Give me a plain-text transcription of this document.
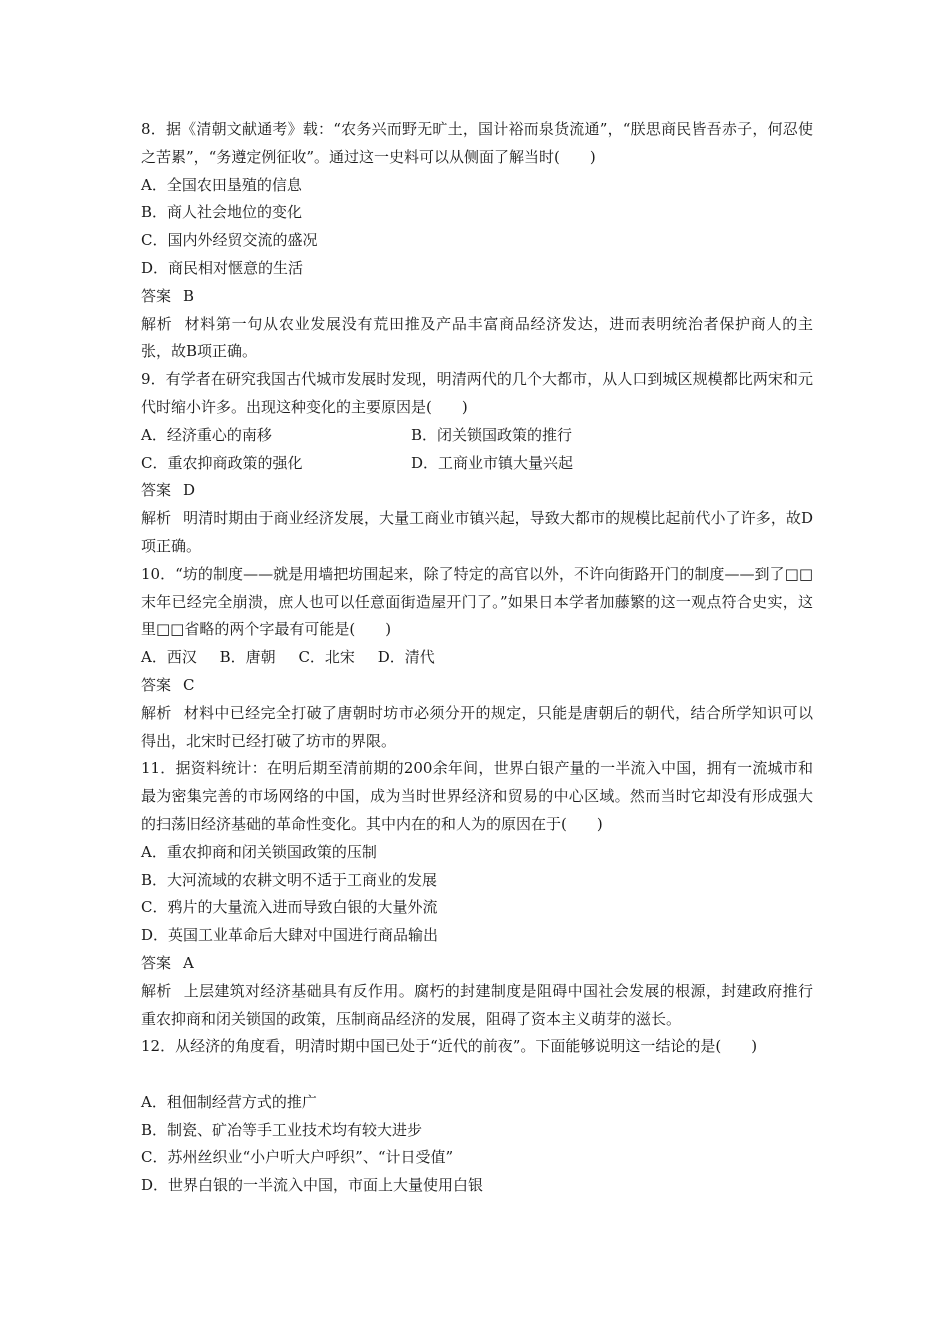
8．据《清朝文献通考》载：“农务兴而野无旷土，国计裕而泉货流通”，“朕思商民皆吾赤子，何忍使之苦累”，“务遵定例征收”。通过这一史料可以从侧面了解当时(　　)
A．全国农田垦殖的信息
B．商人社会地位的变化
C．国内外经贸交流的盛况
D．商民相对惬意的生活
答案 B
解析 材料第一句从农业发展没有荒田推及产品丰富商品经济发达，进而表明统治者保护商人的主张，故B项正确。
9．有学者在研究我国古代城市发展时发现，明清两代的几个大都市，从人口到城区规模都比两宋和元代时缩小许多。出现这种变化的主要原因是(　　)
A．经济重心的南移	B．闭关锁国政策的推行
C．重农抑商政策的强化	D．工商业市镇大量兴起
答案 D
解析 明清时期由于商业经济发展，大量工商业市镇兴起，导致大都市的规模比起前代小了许多，故D项正确。
10．“坊的制度——就是用墙把坊围起来，除了特定的高官以外，不许向街路开门的制度——到了□□末年已经完全崩溃，庶人也可以任意面街造屋开门了。”如果日本学者加藤繁的这一观点符合史实，这里□□省略的两个字最有可能是(　　)
A．西汉 B．唐朝 C．北宋 D．清代
答案 C
解析 材料中已经完全打破了唐朝时坊市必须分开的规定，只能是唐朝后的朝代，结合所学知识可以得出，北宋时已经打破了坊市的界限。
11．据资料统计：在明后期至清前期的200余年间，世界白银产量的一半流入中国，拥有一流城市和最为密集完善的市场网络的中国，成为当时世界经济和贸易的中心区域。然而当时它却没有形成强大的扫荡旧经济基础的革命性变化。其中内在的和人为的原因在于(　　)
A．重农抑商和闭关锁国政策的压制
B．大河流域的农耕文明不适于工商业的发展
C．鸦片的大量流入进而导致白银的大量外流
D．英国工业革命后大肆对中国进行商品输出
答案 A
解析 上层建筑对经济基础具有反作用。腐朽的封建制度是阻碍中国社会发展的根源，封建政府推行重农抑商和闭关锁国的政策，压制商品经济的发展，阻碍了资本主义萌芽的滋长。
12．从经济的角度看，明清时期中国已处于“近代的前夜”。下面能够说明这一结论的是(　　)
A．租佃制经营方式的推广
B．制瓷、矿冶等手工业技术均有较大进步
C．苏州丝织业“小户听大户呼织”、“计日受值”
D．世界白银的一半流入中国，市面上大量使用白银
